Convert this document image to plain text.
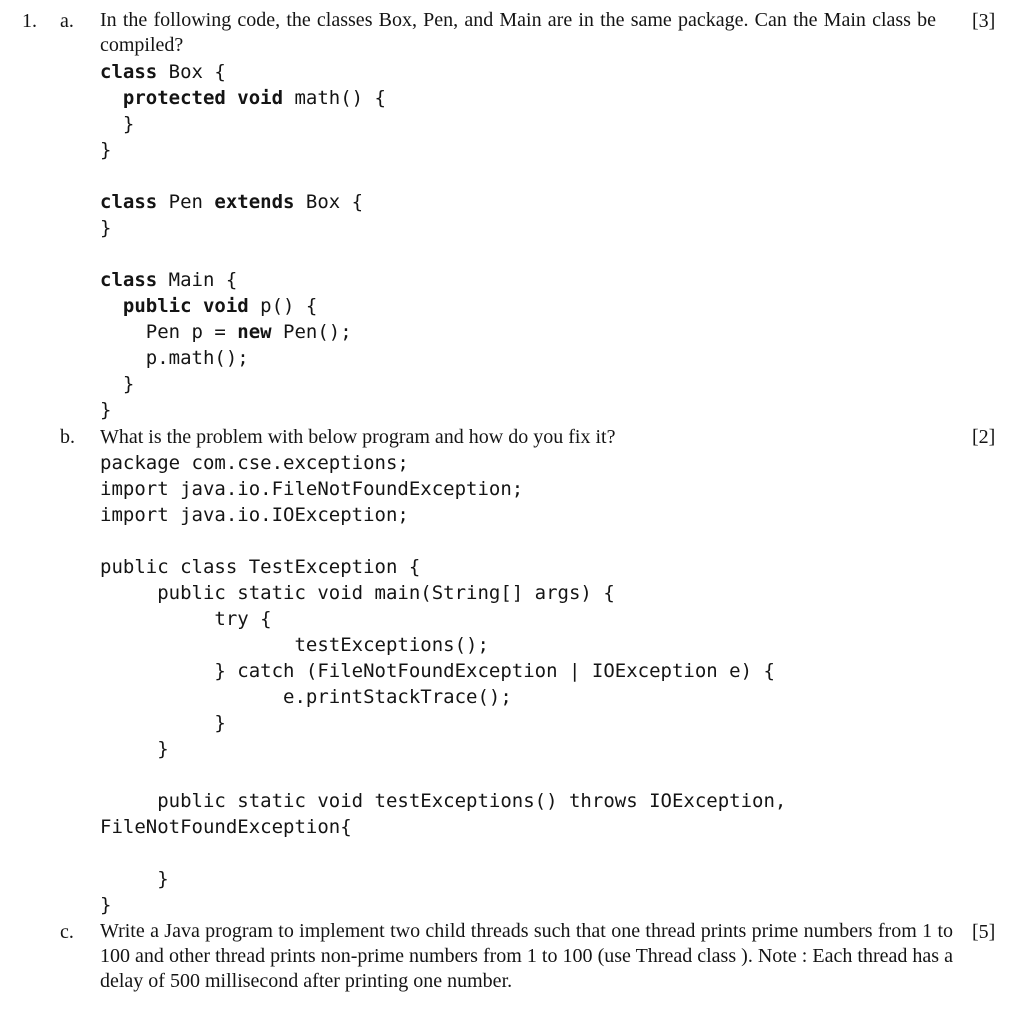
1. a. In the following code, the classes Box, Pen, and Main are in the same package. Can the Main class be compiled?
[3]
class Box {
protected void math() {
}
}

class Pen extends Box {
}

class Main {
public void p() {
Pen p = new Pen();
p.math();
}
}
b. What is the problem with below program and how do you fix it?	[2]
package com.cse.exceptions;
import java.io.FileNotFoundException;
import java.io.IOException;

public class TestException {
public static void main(String[] args) {
try {
testExceptions();
} catch (FileNotFoundException | IOException e) {
e.printStackTrace();
}
}

public static void testExceptions() throws IOException,
FileNotFoundException{

}
}
c. Write a Java program to implement two child threads such that one thread prints prime numbers from 1 to 100 and other thread prints non-prime numbers from 1 to 100 (use Thread class ). Note : Each thread has a delay of 500 millisecond after printing one number.
[5]
